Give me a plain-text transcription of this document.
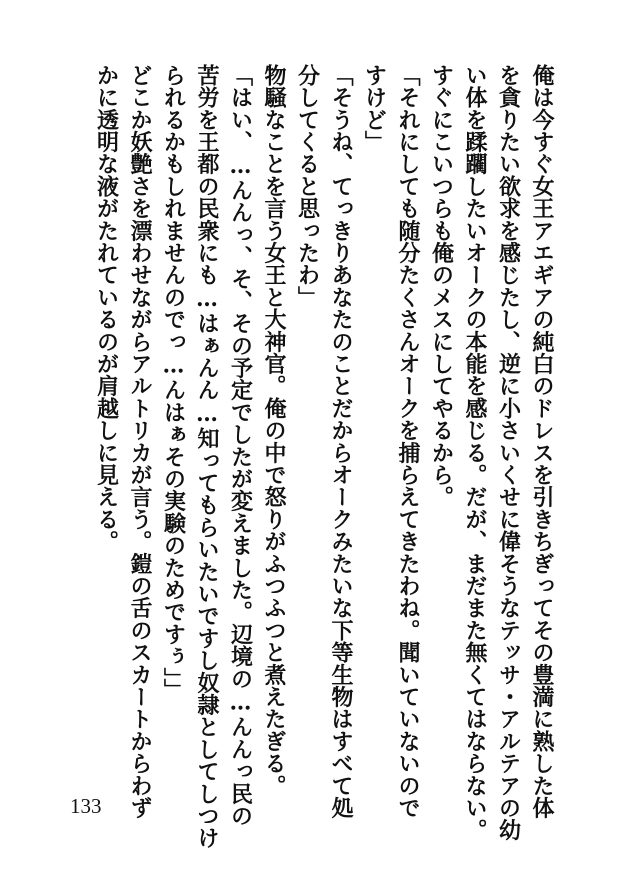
俺は今すぐ女王アエギアの純白のドレスを引きちぎってその豊満に熟した体

を貪りたい欲求を感じたし、逆に小さいくせに偉そうなテッサ・アルテアの幼

い体を蹂躙したいオークの本能を感じる。だが、まだまた無くてはならない。

すぐにこいつらも俺のメスにしてやるから。

「それにしても随分たくさんオークを捕らえてきたわね。聞いていないので

すけど」

「そうね、てっきりあなたのことだからオークみたいな下等生物はすべて処

分してくると思ったわ」

物騒なことを言う女王と大神官。俺の中で怒りがふつふつと煮えたぎる。

「はい、…んんっ、そ、その予定でしたが変えました。辺境の…んんっ民の

苦労を王都の民衆にも…はぁんん…知ってもらいたいですし奴隷としてしつけ

られるかもしれませんのでっ…んはぁその実験のためですぅ」」

どこか妖艶さを漂わせながらアルトリカが言う。鎧の舌のスカートからわず

かに透明な液がたれているのが肩越しに見える。

133
